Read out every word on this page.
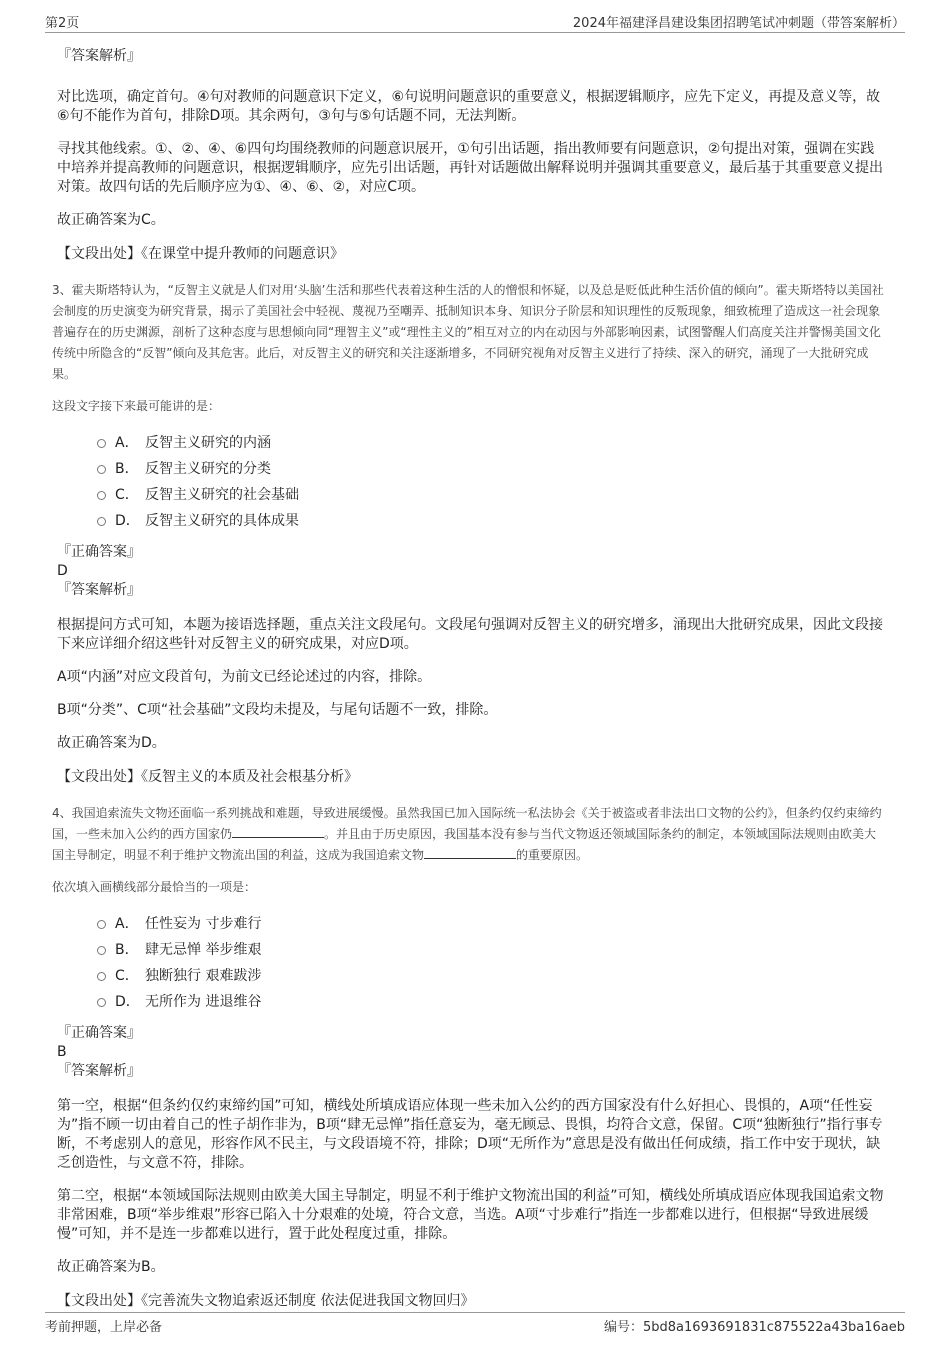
第2页	2024年福建泽昌建设集团招聘笔试冲刺题（带答案解析）

『答案解析』

对比选项，确定首句。④句对教师的问题意识下定义，⑥句说明问题意识的重要意义，根据逻辑顺序，应先下定义，再提及意义等，故⑥句不能作为首句，排除D项。其余两句，③句与⑤句话题不同，无法判断。

寻找其他线索。①、②、④、⑥四句均围绕教师的问题意识展开，①句引出话题，指出教师要有问题意识，②句提出对策，强调在实践中培养并提高教师的问题意识，根据逻辑顺序，应先引出话题，再针对话题做出解释说明并强调其重要意义，最后基于其重要意义提出对策。故四句话的先后顺序应为①、④、⑥、②，对应C项。

故正确答案为C。

【文段出处】《在课堂中提升教师的问题意识》

3、霍夫斯塔特认为，“反智主义就是人们对用‘头脑’生活和那些代表着这种生活的人的憎恨和怀疑，以及总是贬低此种生活价值的倾向”。霍夫斯塔特以美国社会制度的历史演变为研究背景，揭示了美国社会中轻视、蔑视乃至嘲弄、抵制知识本身、知识分子阶层和知识理性的反叛现象，细致梳理了造成这一社会现象普遍存在的历史渊源，剖析了这种态度与思想倾向同“理智主义”或“理性主义的”相互对立的内在动因与外部影响因素，试图警醒人们高度关注并警惕美国文化传统中所隐含的“反智”倾向及其危害。此后，对反智主义的研究和关注逐渐增多，不同研究视角对反智主义进行了持续、深入的研究，涌现了一大批研究成果。

这段文字接下来最可能讲的是：

A． 反智主义研究的内涵
B． 反智主义研究的分类
C． 反智主义研究的社会基础
D． 反智主义研究的具体成果

『正确答案』

D

『答案解析』

根据提问方式可知，本题为接语选择题，重点关注文段尾句。文段尾句强调对反智主义的研究增多，涌现出大批研究成果，因此文段接下来应详细介绍这些针对反智主义的研究成果，对应D项。

A项“内涵”对应文段首句，为前文已经论述过的内容，排除。

B项“分类”、C项“社会基础”文段均未提及，与尾句话题不一致，排除。

故正确答案为D。

【文段出处】《反智主义的本质及社会根基分析》

4、我国追索流失文物还面临一系列挑战和难题，导致进展缓慢。虽然我国已加入国际统一私法协会《关于被盗或者非法出口文物的公约》，但条约仅约束缔约国，一些未加入公约的西方国家仍	。并且由于历史原因，我国基本没有参与当代文物返还领域国际条约的制定，本领域国际法规则由欧美大国主导制定，明显不利于维护文物流出国的利益，这成为我国追索文物	的重要原因。

依次填入画横线部分最恰当的一项是：

A． 任性妄为 寸步难行
B． 肆无忌惮 举步维艰
C． 独断独行 艰难跋涉
D． 无所作为 进退维谷

『正确答案』

B

『答案解析』

第一空，根据“但条约仅约束缔约国”可知，横线处所填成语应体现一些未加入公约的西方国家没有什么好担心、畏惧的，A项“任性妄为”指不顾一切由着自己的性子胡作非为，B项“肆无忌惮”指任意妄为，毫无顾忌、畏惧，均符合文意，保留。C项“独断独行”指行事专断，不考虑别人的意见，形容作风不民主，与文段语境不符，排除；D项“无所作为”意思是没有做出任何成绩，指工作中安于现状，缺乏创造性，与文意不符，排除。

第二空，根据“本领域国际法规则由欧美大国主导制定，明显不利于维护文物流出国的利益”可知，横线处所填成语应体现我国追索文物非常困难，B项“举步维艰”形容已陷入十分艰难的处境，符合文意，当选。A项“寸步难行”指连一步都难以进行，但根据“导致进展缓慢”可知，并不是连一步都难以进行，置于此处程度过重，排除。

故正确答案为B。

【文段出处】《完善流失文物追索返还制度 依法促进我国文物回归》

考前押题，上岸必备	编号：5bd8a1693691831c875522a43ba16aeb
